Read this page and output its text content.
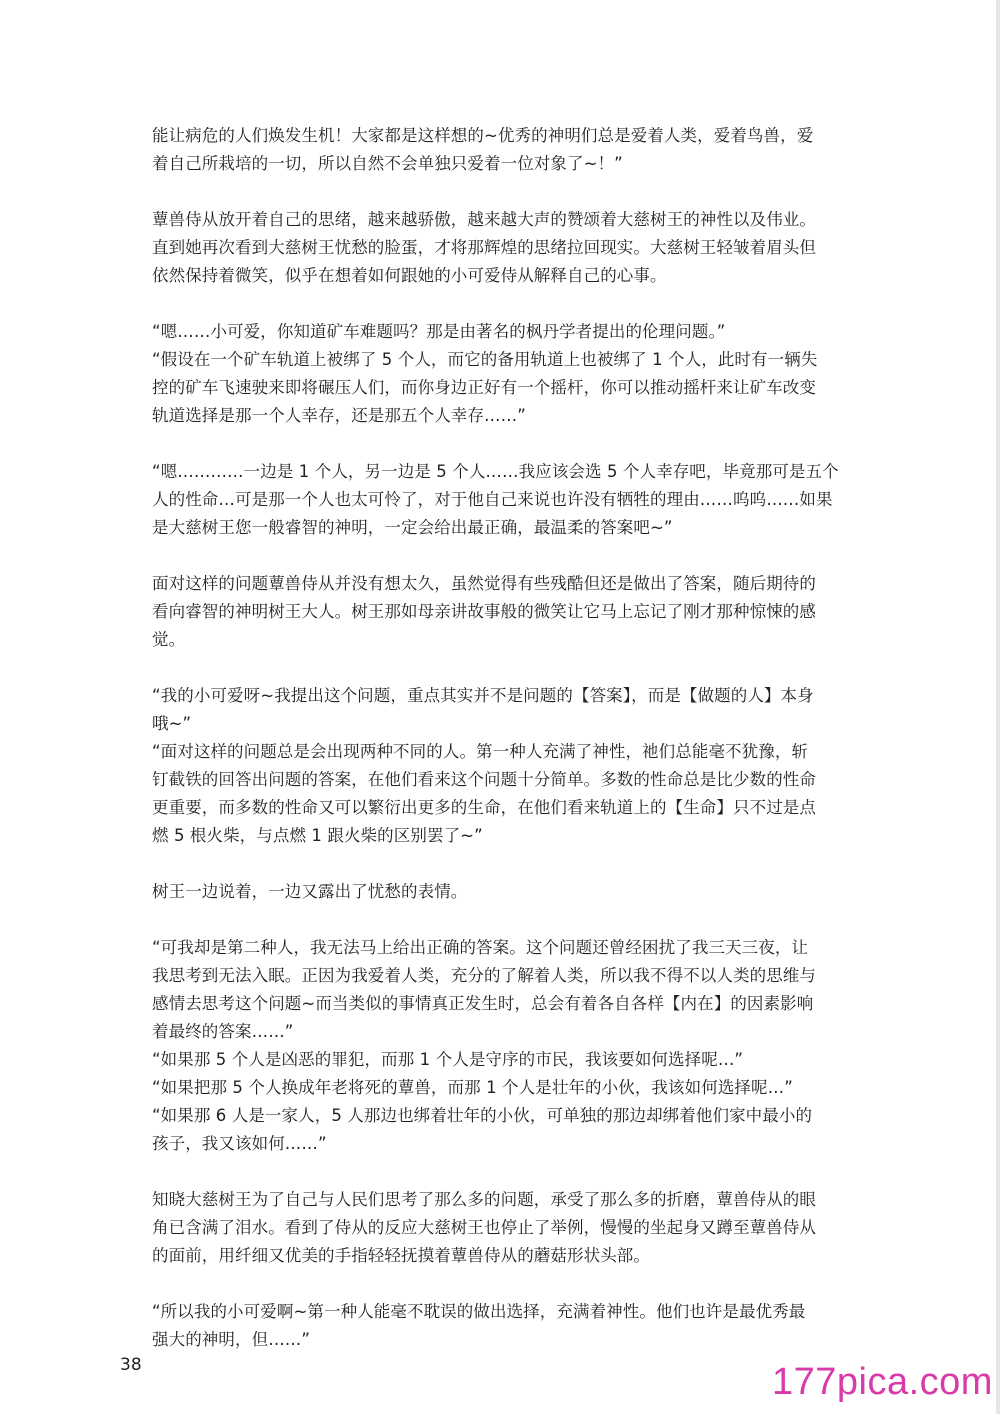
能让病危的人们焕发生机！大家都是这样想的~优秀的神明们总是爱着人类，爱着鸟兽，爱
着自己所栽培的一切，所以自然不会单独只爱着一位对象了~！”
蕈兽侍从放开着自己的思绪，越来越骄傲，越来越大声的赞颂着大慈树王的神性以及伟业。
直到她再次看到大慈树王忧愁的脸蛋，才将那辉煌的思绪拉回现实。大慈树王轻皱着眉头但
依然保持着微笑，似乎在想着如何跟她的小可爱侍从解释自己的心事。
“嗯……小可爱，你知道矿车难题吗？那是由著名的枫丹学者提出的伦理问题。”
“假设在一个矿车轨道上被绑了 5 个人，而它的备用轨道上也被绑了 1 个人，此时有一辆失
控的矿车飞速驶来即将碾压人们，而你身边正好有一个摇杆，你可以推动摇杆来让矿车改变
轨道选择是那一个人幸存，还是那五个人幸存……”
“嗯…………一边是 1 个人，另一边是 5 个人……我应该会选 5 个人幸存吧，毕竟那可是五个
人的性命…可是那一个人也太可怜了，对于他自己来说也许没有牺牲的理由……呜呜……如果
是大慈树王您一般睿智的神明，一定会给出最正确，最温柔的答案吧~”
面对这样的问题蕈兽侍从并没有想太久，虽然觉得有些残酷但还是做出了答案，随后期待的
看向睿智的神明树王大人。树王那如母亲讲故事般的微笑让它马上忘记了刚才那种惊悚的感
觉。
“我的小可爱呀~我提出这个问题，重点其实并不是问题的【答案】，而是【做题的人】本身
哦~”
“面对这样的问题总是会出现两种不同的人。第一种人充满了神性，祂们总能毫不犹豫，斩
钉截铁的回答出问题的答案，在他们看来这个问题十分简单。多数的性命总是比少数的性命
更重要，而多数的性命又可以繁衍出更多的生命，在他们看来轨道上的【生命】只不过是点
燃 5 根火柴，与点燃 1 跟火柴的区别罢了~”
树王一边说着，一边又露出了忧愁的表情。
“可我却是第二种人，我无法马上给出正确的答案。这个问题还曾经困扰了我三天三夜，让
我思考到无法入眠。正因为我爱着人类，充分的了解着人类，所以我不得不以人类的思维与
感情去思考这个问题~而当类似的事情真正发生时，总会有着各自各样【内在】的因素影响
着最终的答案……”
“如果那 5 个人是凶恶的罪犯，而那 1 个人是守序的市民，我该要如何选择呢…”
“如果把那 5 个人换成年老将死的蕈兽，而那 1 个人是壮年的小伙，我该如何选择呢…”
“如果那 6 人是一家人，5 人那边也绑着壮年的小伙，可单独的那边却绑着他们家中最小的
孩子，我又该如何……”
知晓大慈树王为了自己与人民们思考了那么多的问题，承受了那么多的折磨，蕈兽侍从的眼
角已含满了泪水。看到了侍从的反应大慈树王也停止了举例，慢慢的坐起身又蹲至蕈兽侍从
的面前，用纤细又优美的手指轻轻抚摸着蕈兽侍从的蘑菇形状头部。
“所以我的小可爱啊~第一种人能毫不耽误的做出选择，充满着神性。他们也许是最优秀最
强大的神明，但……”
38	177pica.com
